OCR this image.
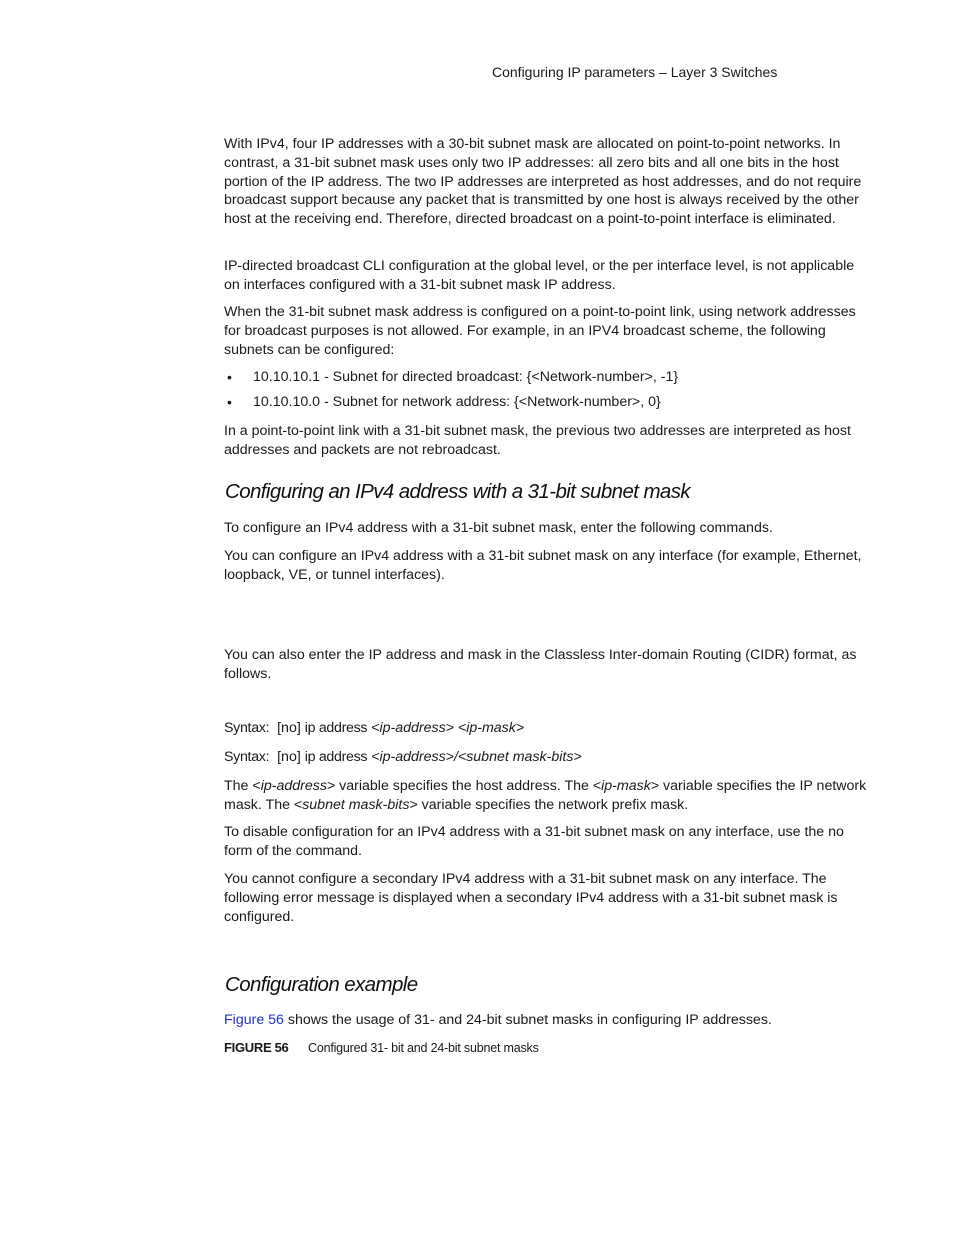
Configuring IP parameters – Layer 3 Switches

With IPv4, four IP addresses with a 30-bit subnet mask are allocated on point-to-point networks. In contrast, a 31-bit subnet mask uses only two IP addresses: all zero bits and all one bits in the host portion of the IP address. The two IP addresses are interpreted as host addresses, and do not require broadcast support because any packet that is transmitted by one host is always received by the other host at the receiving end. Therefore, directed broadcast on a point-to-point interface is eliminated.

IP-directed broadcast CLI configuration at the global level, or the per interface level, is not applicable on interfaces configured with a 31-bit subnet mask IP address.

When the 31-bit subnet mask address is configured on a point-to-point link, using network addresses for broadcast purposes is not allowed. For example, in an IPV4 broadcast scheme, the following subnets can be configured:

• 10.10.10.1 - Subnet for directed broadcast: {<Network-number>, -1}
• 10.10.10.0 - Subnet for network address: {<Network-number>, 0}

In a point-to-point link with a 31-bit subnet mask, the previous two addresses are interpreted as host addresses and packets are not rebroadcast.

Configuring an IPv4 address with a 31-bit subnet mask

To configure an IPv4 address with a 31-bit subnet mask, enter the following commands.

You can configure an IPv4 address with a 31-bit subnet mask on any interface (for example, Ethernet, loopback, VE, or tunnel interfaces).

You can also enter the IP address and mask in the Classless Inter-domain Routing (CIDR) format, as follows.

Syntax: [no] ip address <ip-address> <ip-mask>
Syntax: [no] ip address <ip-address>/<subnet mask-bits>

The <ip-address> variable specifies the host address. The <ip-mask> variable specifies the IP network mask. The <subnet mask-bits> variable specifies the network prefix mask.

To disable configuration for an IPv4 address with a 31-bit subnet mask on any interface, use the no form of the command.

You cannot configure a secondary IPv4 address with a 31-bit subnet mask on any interface. The following error message is displayed when a secondary IPv4 address with a 31-bit subnet mask is configured.

Configuration example

Figure 56 shows the usage of 31- and 24-bit subnet masks in configuring IP addresses.

FIGURE 56 Configured 31- bit and 24-bit subnet masks
